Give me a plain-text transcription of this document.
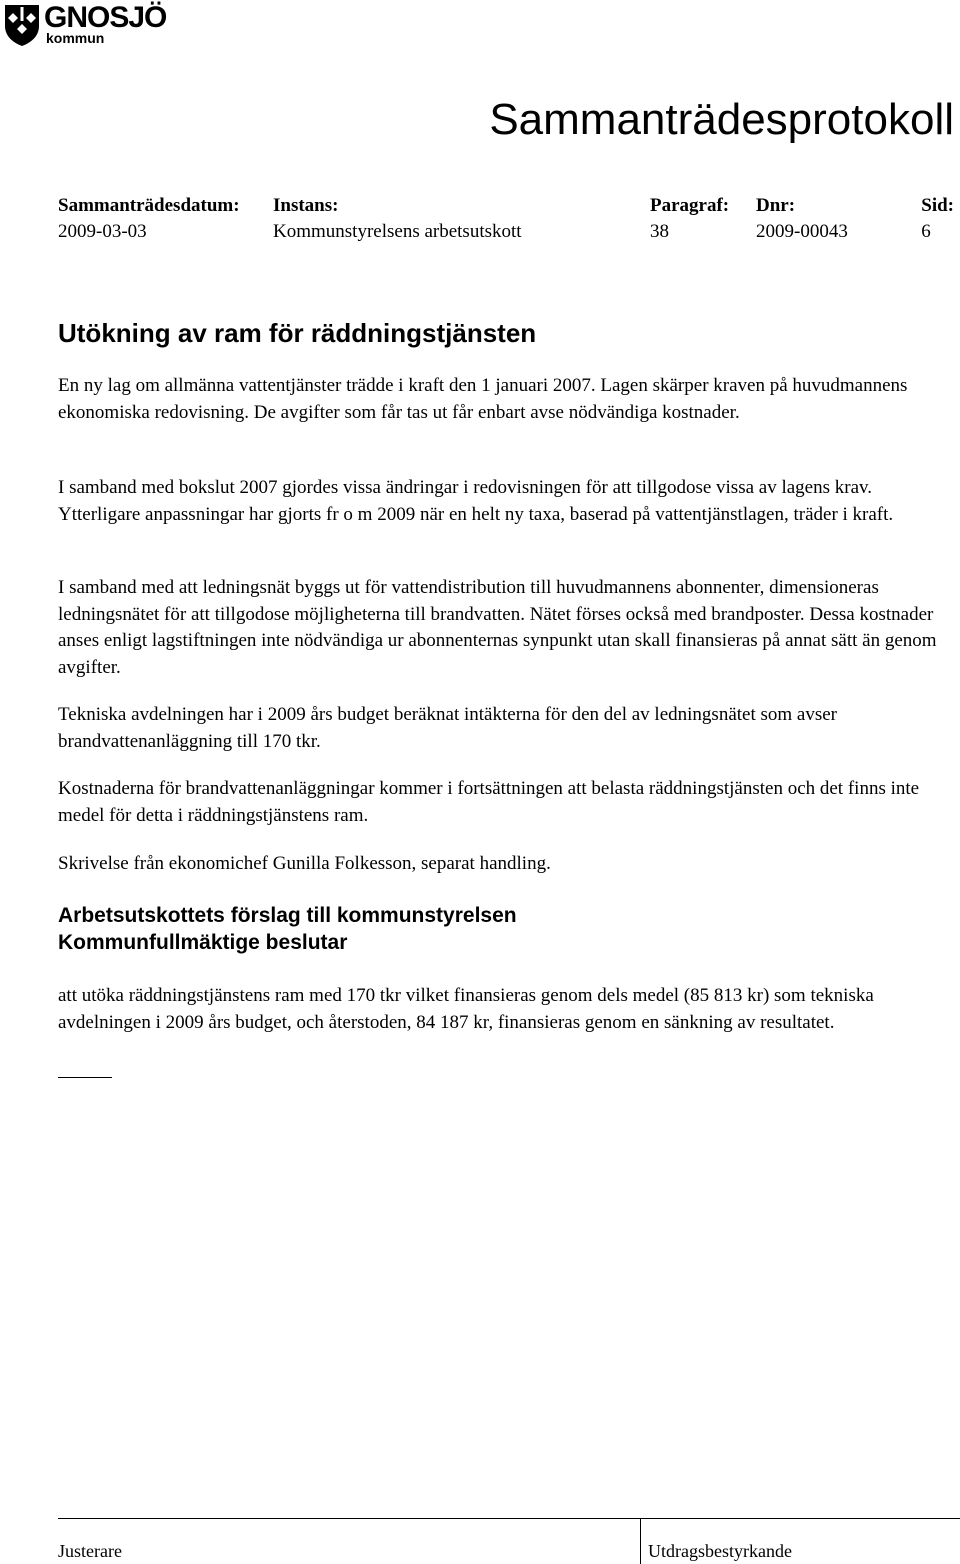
GNOSJÖ
kommun
Sammanträdesprotokoll
Sammanträdesdatum:
2009-03-03
Instans:
Kommunstyrelsens arbetsutskott
Paragraf:
38
Dnr:
2009-00043
Sid:
6
Utökning av ram för räddningstjänsten

En ny lag om allmänna vattentjänster trädde i kraft den 1 januari 2007. Lagen skärper kraven på huvudmannens ekonomiska redovisning. De avgifter som får tas ut får enbart avse nödvändiga kostnader.

I samband med bokslut 2007 gjordes vissa ändringar i redovisningen för att tillgodose vissa av lagens krav. Ytterligare anpassningar har gjorts fr o m 2009 när en helt ny taxa, baserad på vattentjänstlagen, träder i kraft.

I samband med att ledningsnät byggs ut för vattendistribution till huvudmannens abonnenter, dimensioneras ledningsnätet för att tillgodose möjligheterna till brandvatten. Nätet förses också med brandposter. Dessa kostnader anses enligt lagstiftningen inte nödvändiga ur abonnenternas synpunkt utan skall finansieras på annat sätt än genom avgifter.

Tekniska avdelningen har i 2009 års budget beräknat intäkterna för den del av ledningsnätet som avser brandvattenanläggning till 170 tkr.

Kostnaderna för brandvattenanläggningar kommer i fortsättningen att belasta räddningstjänsten och det finns inte medel för detta i räddningstjänstens ram.

Skrivelse från ekonomichef Gunilla Folkesson, separat handling.

Arbetsutskottets förslag till kommunstyrelsen
Kommunfullmäktige beslutar

att utöka räddningstjänstens ram med 170 tkr vilket finansieras genom dels medel (85 813 kr) som tekniska avdelningen i 2009 års budget, och återstoden, 84 187 kr, finansieras genom en sänkning av resultatet.

Justerare	Utdragsbestyrkande
